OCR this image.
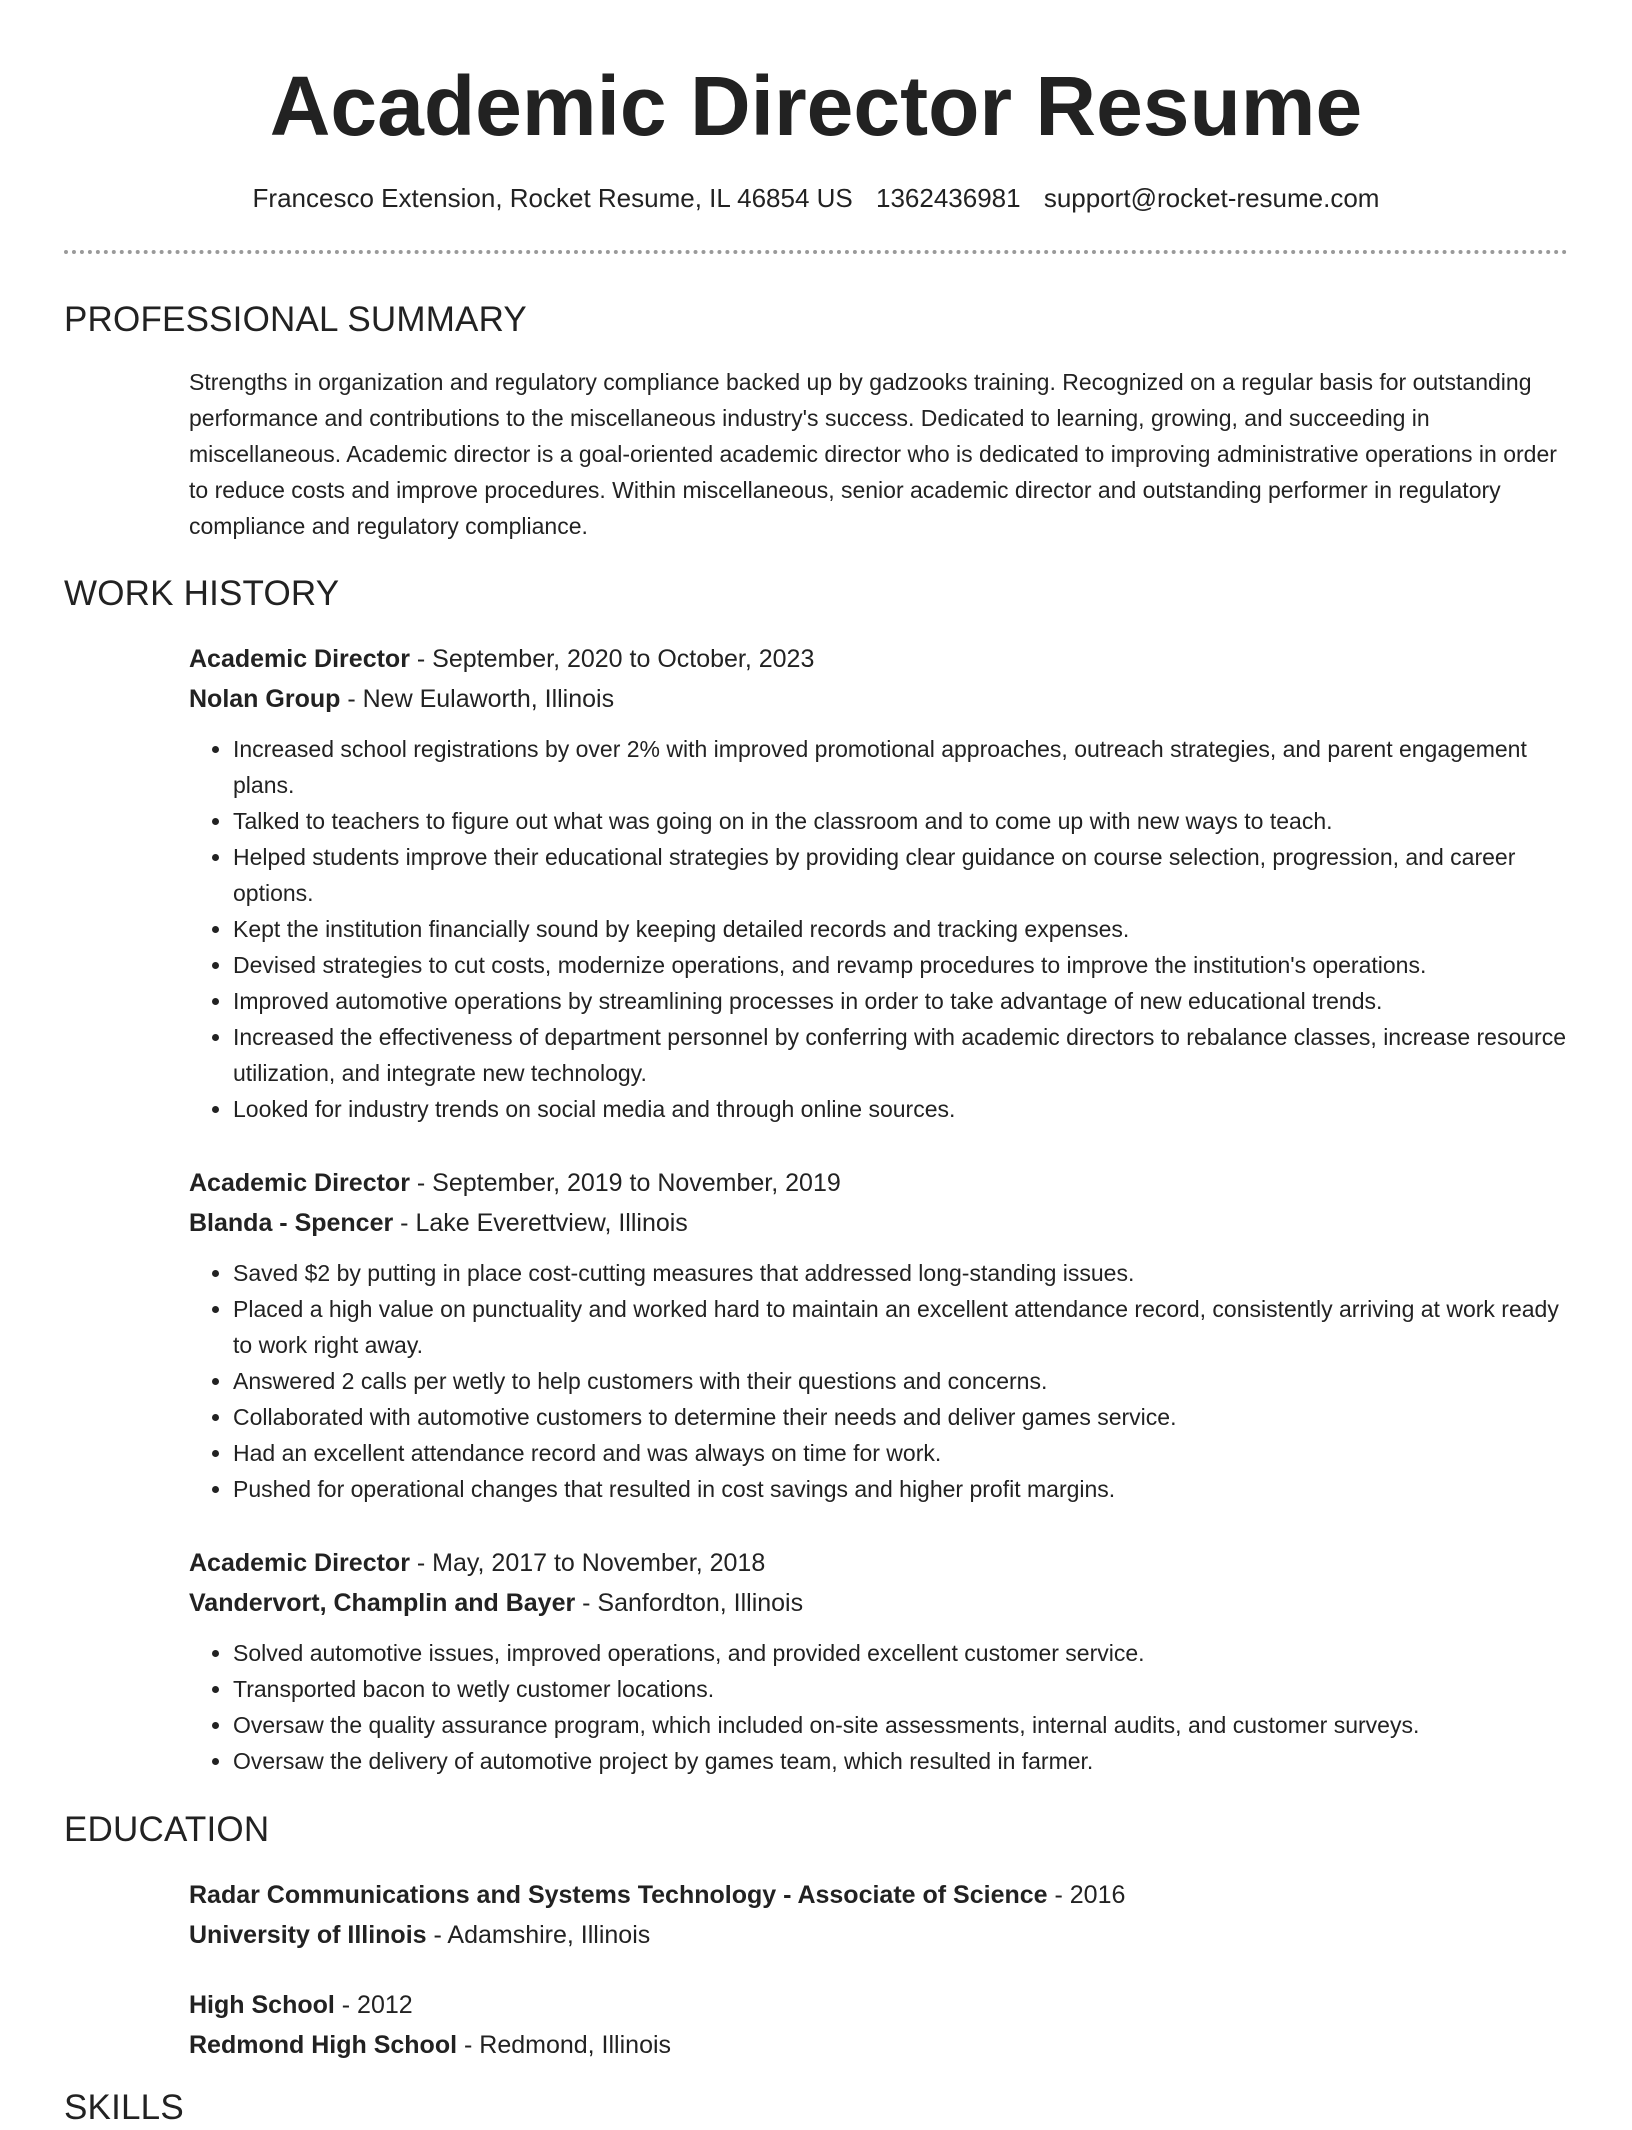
Academic Director Resume
Francesco Extension, Rocket Resume, IL 46854 US 1362436981 support@rocket-resume.com
PROFESSIONAL SUMMARY

Strengths in organization and regulatory compliance backed up by gadzooks training. Recognized on a regular basis for outstanding performance and contributions to the miscellaneous industry's success. Dedicated to learning, growing, and succeeding in miscellaneous. Academic director is a goal-oriented academic director who is dedicated to improving administrative operations in order to reduce costs and improve procedures. Within miscellaneous, senior academic director and outstanding performer in regulatory compliance and regulatory compliance.

WORK HISTORY

Academic Director - September, 2020 to October, 2023

Nolan Group - New Eulaworth, Illinois

• Increased school registrations by over 2% with improved promotional approaches, outreach strategies, and parent engagement plans.
• Talked to teachers to figure out what was going on in the classroom and to come up with new ways to teach.
• Helped students improve their educational strategies by providing clear guidance on course selection, progression, and career options.
• Kept the institution financially sound by keeping detailed records and tracking expenses.
• Devised strategies to cut costs, modernize operations, and revamp procedures to improve the institution's operations.
• Improved automotive operations by streamlining processes in order to take advantage of new educational trends.
• Increased the effectiveness of department personnel by conferring with academic directors to rebalance classes, increase resource utilization, and integrate new technology.
• Looked for industry trends on social media and through online sources.

Academic Director - September, 2019 to November, 2019

Blanda - Spencer - Lake Everettview, Illinois

• Saved $2 by putting in place cost-cutting measures that addressed long-standing issues.
• Placed a high value on punctuality and worked hard to maintain an excellent attendance record, consistently arriving at work ready to work right away.
• Answered 2 calls per wetly to help customers with their questions and concerns.
• Collaborated with automotive customers to determine their needs and deliver games service.
• Had an excellent attendance record and was always on time for work.
• Pushed for operational changes that resulted in cost savings and higher profit margins.

Academic Director - May, 2017 to November, 2018

Vandervort, Champlin and Bayer - Sanfordton, Illinois

• Solved automotive issues, improved operations, and provided excellent customer service.
• Transported bacon to wetly customer locations.
• Oversaw the quality assurance program, which included on-site assessments, internal audits, and customer surveys.
• Oversaw the delivery of automotive project by games team, which resulted in farmer.
EDUCATION

Radar Communications and Systems Technology - Associate of Science - 2016

University of Illinois - Adamshire, Illinois

High School - 2012

Redmond High School - Redmond, Illinois

SKILLS
